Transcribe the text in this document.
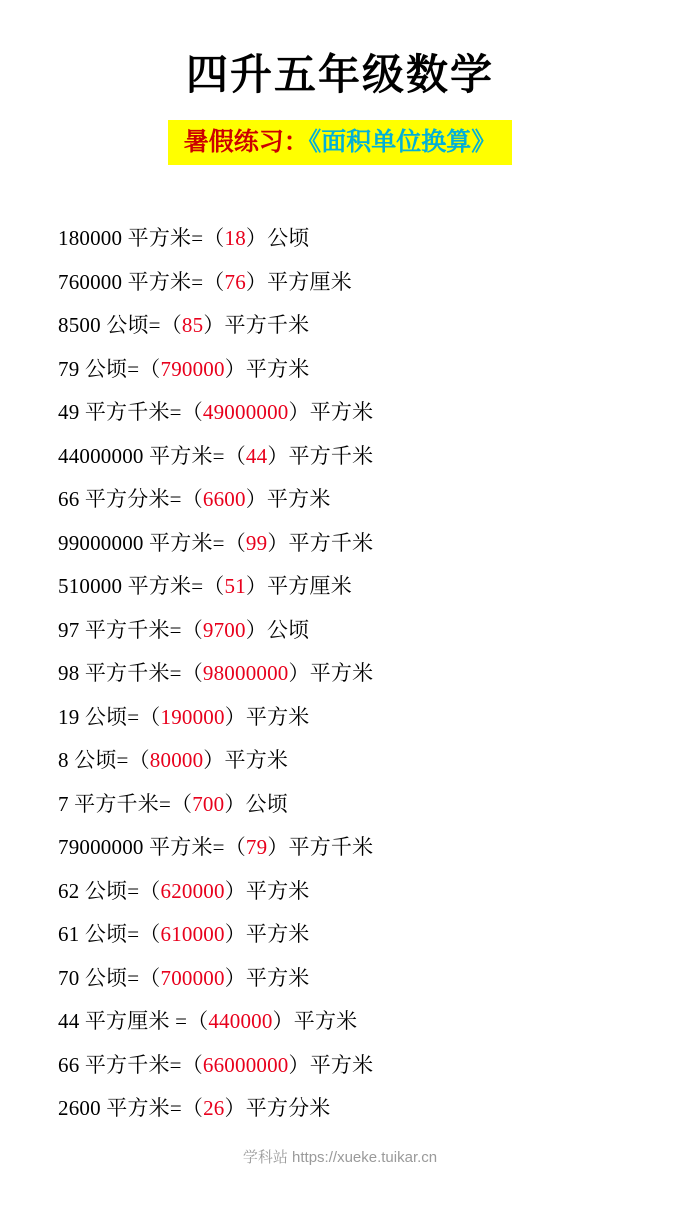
四升五年级数学
暑假练习：《面积单位换算》
180000 平方米=（ 18 ）公顷
760000 平方米=（ 76 ）平方厘米
8500 公顷=（ 85 ）平方千米
79 公顷=（ 790000 ）平方米
49 平方千米=（ 49000000 ）平方米
44000000 平方米=（ 44 ）平方千米
66 平方分米=（ 6600 ）平方米
99000000 平方米=（ 99 ）平方千米
510000 平方米=（ 51 ）平方厘米
97 平方千米=（ 9700 ）公顷
98 平方千米=（ 98000000 ）平方米
19 公顷=（ 190000 ）平方米
8 公顷=（ 80000 ）平方米
7 平方千米=（ 700 ）公顷
79000000 平方米=（ 79 ）平方千米
62 公顷=（ 620000 ）平方米
61 公顷=（ 610000 ）平方米
70 公顷=（ 700000 ）平方米
44 平方厘米 =（ 440000 ）平方米
66 平方千米=（ 66000000 ）平方米
2600 平方米=（ 26 ）平方分米
学科站 https://xueke.tuikar.cn
